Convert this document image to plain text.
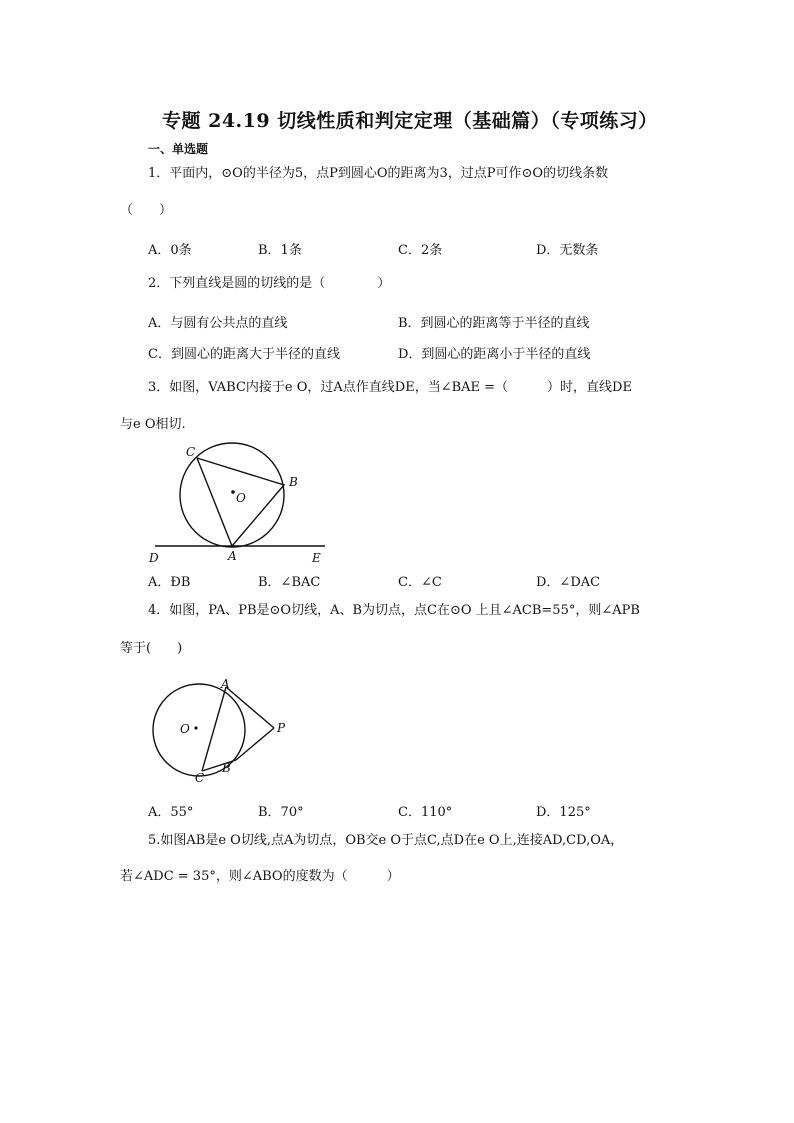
专题 24.19 切线性质和判定定理（基础篇）（专项练习）
一、单选题
1．平面内，⊙O的半径为5，点P到圆心O的距离为3，过点P可作⊙O的切线条数
（　　）
A．0条	B．1条	C．2条	D．无数条
2．下列直线是圆的切线的是（　　　　）
A．与圆有公共点的直线	B．到圆心的距离等于半径的直线
C．到圆心的距离大于半径的直线	D．到圆心的距离小于半径的直线
3．如图，VABC内接于e O，过A点作直线DE，当∠BAE =（　　　）时，直线DE
与e O相切.
C
B
O
D	A	E
A．ÐB	B．∠BAC	C．∠C	D．∠DAC
4．如图，PA、PB是⊙O切线，A、B为切点，点C在⊙O 上且∠ACB=55°，则∠APB
等于(　　)
A
O	P
C
B
A．55°	B．70°	C．110°	D．125°
5.如图AB是e O切线,点A为切点，OB交e O于点C,点D在e O上,连接AD,CD,OA，
若∠ADC = 35°，则∠ABO的度数为（　　　）
